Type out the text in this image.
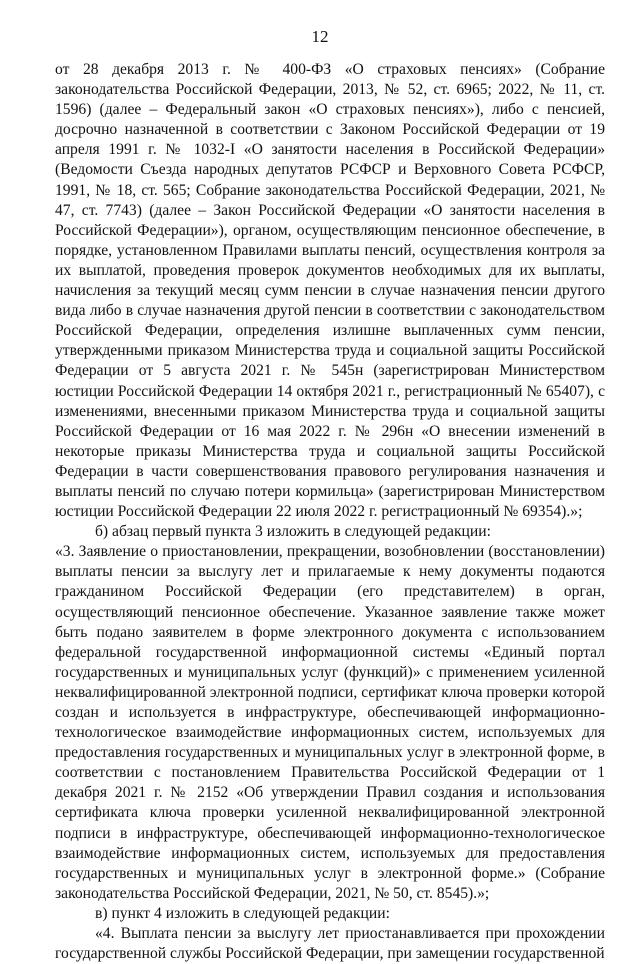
12

от 28 декабря 2013 г. № 400-ФЗ «О страховых пенсиях» (Собрание законодательства Российской Федерации, 2013, № 52, ст. 6965; 2022, № 11, ст. 1596) (далее – Федеральный закон «О страховых пенсиях»), либо с пенсией, досрочно назначенной в соответствии с Законом Российской Федерации от 19 апреля 1991 г. № 1032-I «О занятости населения в Российской Федерации» (Ведомости Съезда народных депутатов РСФСР и Верховного Совета РСФСР, 1991, № 18, ст. 565; Собрание законодательства Российской Федерации, 2021, № 47, ст. 7743) (далее – Закон Российской Федерации «О занятости населения в Российской Федерации»), органом, осуществляющим пенсионное обеспечение, в порядке, установленном Правилами выплаты пенсий, осуществления контроля за их выплатой, проведения проверок документов необходимых для их выплаты, начисления за текущий месяц сумм пенсии в случае назначения пенсии другого вида либо в случае назначения другой пенсии в соответствии с законодательством Российской Федерации, определения излишне выплаченных сумм пенсии, утвержденными приказом Министерства труда и социальной защиты Российской Федерации от 5 августа 2021 г. № 545н (зарегистрирован Министерством юстиции Российской Федерации 14 октября 2021 г., регистрационный № 65407), с изменениями, внесенными приказом Министерства труда и социальной защиты Российской Федерации от 16 мая 2022 г. № 296н «О внесении изменений в некоторые приказы Министерства труда и социальной защиты Российской Федерации в части совершенствования правового регулирования назначения и выплаты пенсий по случаю потери кормильца» (зарегистрирован Министерством юстиции Российской Федерации 22 июля 2022 г. регистрационный № 69354).»;

б) абзац первый пункта 3 изложить в следующей редакции:

«3. Заявление о приостановлении, прекращении, возобновлении (восстановлении) выплаты пенсии за выслугу лет и прилагаемые к нему документы подаются гражданином Российской Федерации (его представителем) в орган, осуществляющий пенсионное обеспечение. Указанное заявление также может быть подано заявителем в форме электронного документа с использованием федеральной государственной информационной системы «Единый портал государственных и муниципальных услуг (функций)» с применением усиленной неквалифицированной электронной подписи, сертификат ключа проверки которой создан и используется в инфраструктуре, обеспечивающей информационно-технологическое взаимодействие информационных систем, используемых для предоставления государственных и муниципальных услуг в электронной форме, в соответствии с постановлением Правительства Российской Федерации от 1 декабря 2021 г. № 2152 «Об утверждении Правил создания и использования сертификата ключа проверки усиленной неквалифицированной электронной подписи в инфраструктуре, обеспечивающей информационно-технологическое взаимодействие информационных систем, используемых для предоставления государственных и муниципальных услуг в электронной форме.» (Собрание законодательства Российской Федерации, 2021, № 50, ст. 8545).»;

в) пункт 4 изложить в следующей редакции:

«4. Выплата пенсии за выслугу лет приостанавливается при прохождении государственной службы Российской Федерации, при замещении государственной
